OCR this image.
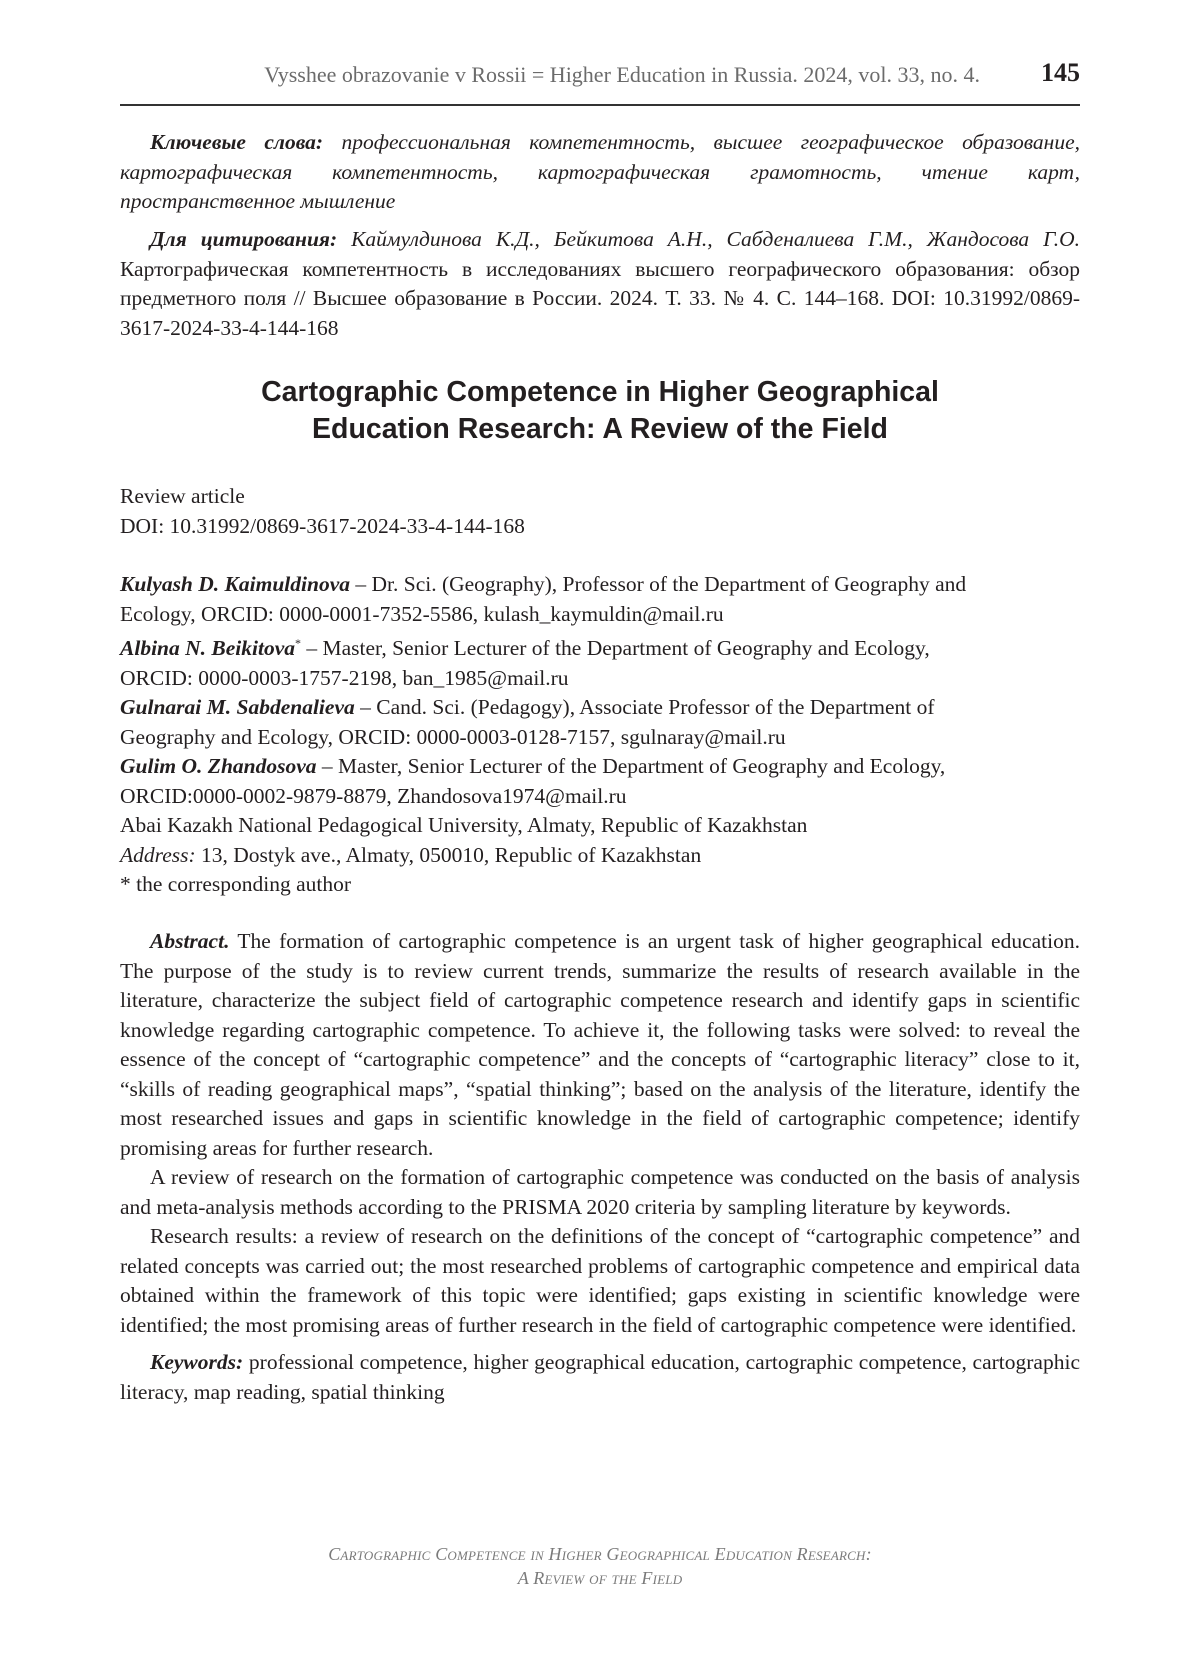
Vysshee obrazovanie v Rossii = Higher Education in Russia. 2024, vol. 33, no. 4. 145
Ключевые слова: профессиональная компетентность, высшее географическое образование, картографическая компетентность, картографическая грамотность, чтение карт, пространственное мышление
Для цитирования: Каймулдинова К.Д., Бейкитова А.Н., Сабденалиева Г.М., Жандосова Г.О. Картографическая компетентность в исследованиях высшего географического образования: обзор предметного поля // Высшее образование в России. 2024. Т. 33. № 4. С. 144–168. DOI: 10.31992/0869-3617-2024-33-4-144-168
Cartographic Competence in Higher Geographical
Education Research: A Review of the Field
Review article
DOI: 10.31992/0869-3617-2024-33-4-144-168
Kulyash D. Kaimuldinova – Dr. Sci. (Geography), Professor of the Department of Geography and
Ecology, ORCID: 0000-0001-7352-5586, kulash_kaymuldin@mail.ru
Albina N. Beikitova* – Master, Senior Lecturer of the Department of Geography and Ecology,
ORCID: 0000-0003-1757-2198, ban_1985@mail.ru
Gulnarai M. Sabdenalieva – Cand. Sci. (Pedagogy), Associate Professor of the Department of
Geography and Ecology, ORCID: 0000-0003-0128-7157, sgulnaray@mail.ru
Gulim O. Zhandosova – Master, Senior Lecturer of the Department of Geography and Ecology,
ORCID:0000-0002-9879-8879, Zhandosova1974@mail.ru
Abai Kazakh National Pedagogical University, Almaty, Republic of Kazakhstan
Address: 13, Dostyk ave., Almaty, 050010, Republic of Kazakhstan
* the corresponding author

Abstract. The formation of cartographic competence is an urgent task of higher geographical education. The purpose of the study is to review current trends, summarize the results of research available in the literature, characterize the subject field of cartographic competence research and identify gaps in scientific knowledge regarding cartographic competence. To achieve it, the following tasks were solved: to reveal the essence of the concept of “cartographic competence” and the concepts of “cartographic literacy” close to it, “skills of reading geographical maps”, “spatial thinking”; based on the analysis of the literature, identify the most researched issues and gaps in scientific knowledge in the field of cartographic competence; identify promising areas for further research.

A review of research on the formation of cartographic competence was conducted on the basis of analysis and meta-analysis methods according to the PRISMA 2020 criteria by sampling literature by keywords.

Research results: a review of research on the definitions of the concept of “cartographic competence” and related concepts was carried out; the most researched problems of cartographic competence and empirical data obtained within the framework of this topic were identified; gaps existing in scientific knowledge were identified; the most promising areas of further research in the field of cartographic competence were identified.

Keywords: professional competence, higher geographical education, cartographic competence, cartographic literacy, map reading, spatial thinking

Cartographic Competence in Higher Geographical Education Research:
A Review of the Field
